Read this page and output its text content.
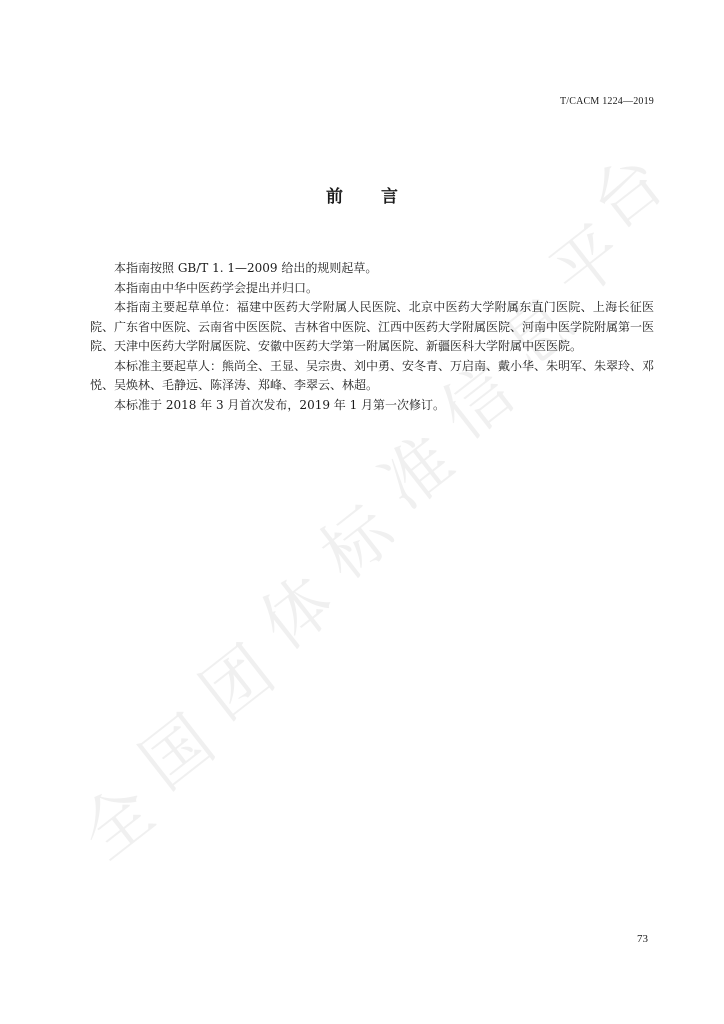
全
国
团
体
标
准
信
息
平
台
T/CACM 1224—2019
前言

本指南按照 GB/T 1. 1—2009 给出的规则起草。

本指南由中华中医药学会提出并归口。

本指南主要起草单位：福建中医药大学附属人民医院、北京中医药大学附属东直门医院、上海长征医院、广东省中医院、云南省中医医院、吉林省中医院、江西中医药大学附属医院、河南中医学院附属第一医院、天津中医药大学附属医院、安徽中医药大学第一附属医院、新疆医科大学附属中医医院。

本标准主要起草人：熊尚全、王显、吴宗贵、刘中勇、安冬青、万启南、戴小华、朱明军、朱翠玲、邓悦、吴焕林、毛静远、陈泽涛、郑峰、李翠云、林超。

本标准于 2018 年 3 月首次发布，2019 年 1 月第一次修订。

73
